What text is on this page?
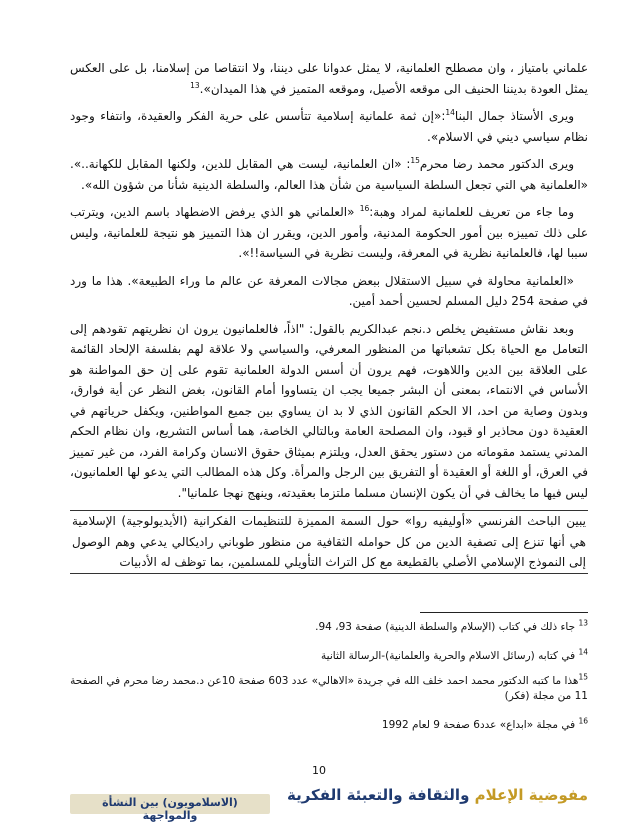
علماني بامتياز ، وان مصطلح العلمانية، لا يمثل عدوانا على ديننا، ولا انتقاصا من إسلامنا، بل على العكس يمثل العودة بديننا الحنيف الى موقعه الأصيل، وموقعه المتميز في هذا الميدان».$^{13}$

ويرى الأستاذ جمال البنا$^{14}$:«إن ثمة علمانية إسلامية تتأسس على حرية الفكر والعقيدة، وانتفاء وجود نظام سياسي ديني في الاسلام».

ويرى الدكتور محمد رضا محرم$^{15}$: «ان العلمانية، ليست هي المقابل للدين، ولكنها المقابل للكهانة..». «العلمانية هي التي تجعل السلطة السياسية من شأن هذا العالم، والسلطة الدينية شأنا من شؤون الله».

وما جاء من تعريف للعلمانية لمراد وهبة:$^{16}$ «العلماني هو الذي يرفض الاضطهاد باسم الدين، ويترتب على ذلك تمييزه بين أمور الحكومة المدنية، وأمور الدين، ويقرر ان هذا التمييز هو نتيجة للعلمانية، وليس سببا لها، فالعلمانية نظرية في المعرفة، وليست نظرية في السياسة!!».

«العلمانية محاولة في سبيل الاستقلال ببعض مجالات المعرفة عن عالم ما وراء الطبيعة». هذا ما ورد في صفحة 254 دليل المسلم لحسين أحمد أمين.

وبعد نقاش مستفيض يخلص د.نجم عبدالكريم بالقول: "اذاً، فالعلمانيون يرون ان نظريتهم تقودهم إلى التعامل مع الحياة بكل تشعباتها من المنظور المعرفي، والسياسي ولا علاقة لهم بفلسفة الإلحاد القائمة على العلاقة بين الدين واللاهوت، فهم يرون أن أسس الدولة العلمانية تقوم على إن حق المواطنة هو الأساس في الانتماء، بمعنى أن البشر جميعا يجب ان يتساووا أمام القانون، بغض النظر عن أية فوارق، وبدون وصاية من احد، الا الحكم القانون الذي لا بد ان يساوي بين جميع المواطنين، ويكفل حرياتهم في العقيدة دون محاذير او قيود، وان المصلحة العامة وبالتالي الخاصة، هما أساس التشريع، وان نظام الحكم المدني يستمد مقوماته من دستور يحقق العدل، ويلتزم بميثاق حقوق الانسان وكرامة الفرد، من غير تمييز في العرق، أو اللغة أو العقيدة أو التفريق بين الرجل والمرأة. وكل هذه المطالب التي يدعو لها العلمانيون، ليس فيها ما يخالف في أن يكون الإنسان مسلما ملتزما بعقيدته، وينهج نهجا علمانيا".

يبين الباحث الفرنسي «أوليفيه روا» حول السمة المميزة للتنظيمات الفكرانية (الأيديولوجية) الإسلامية هي أنها تنزع إلى تصفية الدين من كل حوامله الثقافية من منظور طوباني راديكالي يدعي وهم الوصول إلى النموذج الإسلامي الأصلي بالقطيعة مع كل التراث التأويلي للمسلمين، بما توظف له الأدبيات

$^{13}$ جاء ذلك في كتاب (الإسلام والسلطة الدينية) صفحة 93، 94.

$^{14}$ في كتابه (رسائل الاسلام والحرية والعلمانية)-الرسالة الثانية

$^{15}$هذا ما كتبه الدكتور محمد احمد خلف الله في جريدة «الاهالي» عدد 603 صفحة 10عن د.محمد رضا محرم في الصفحة 11 من مجلة (فكر)

$^{16}$ في مجلة «ابداع» عدد6 صفحة 9 لعام 1992

10
مفوضية الإعلام والثقافة والتعبئة الفكرية
(الاسلامويون) بين النشأة والمواجهة
